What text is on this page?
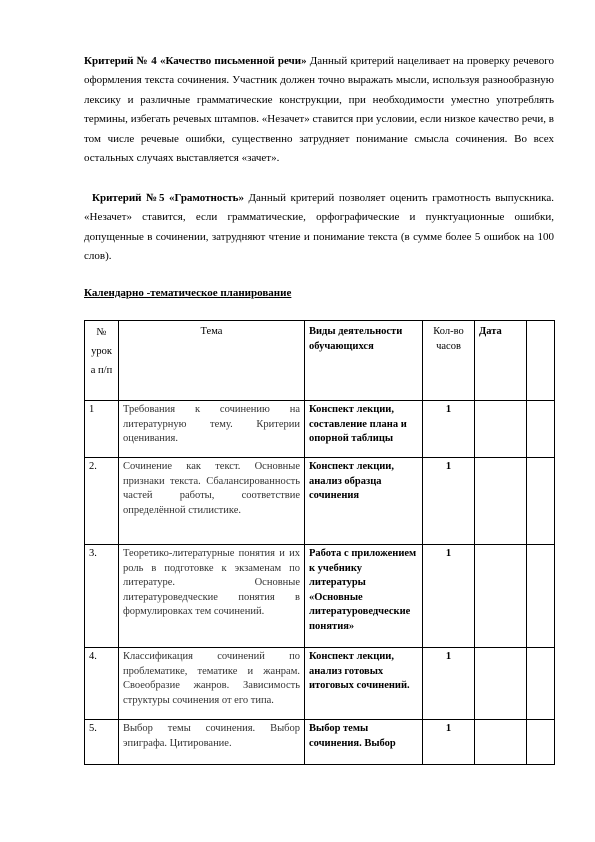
Критерий № 4 «Качество письменной речи» Данный критерий нацеливает на проверку речевого оформления текста сочинения. Участник должен точно выражать мысли, используя разнообразную лексику и различные грамматические конструкции, при необходимости уместно употреблять термины, избегать речевых штампов. «Незачет» ставится при условии, если низкое качество речи, в том числе речевые ошибки, существенно затрудняет понимание смысла сочинения. Во всех остальных случаях выставляется «зачет».

Критерий №5 «Грамотность» Данный критерий позволяет оценить грамотность выпускника. «Незачет» ставится, если грамматические, орфографические и пунктуационные ошибки, допущенные в сочинении, затрудняют чтение и понимание текста (в сумме более 5 ошибок на 100 слов).

Календарно -тематическое планирование

№ урок а п/п	Тема	Виды деятельности обучающихся	Кол-во часов	Дата	
1	Требования к сочинению на литературную тему. Критерии оценивания.	Конспект лекции, составление плана и опорной таблицы	1		
2.	Сочинение как текст. Основные признаки текста. Сбалансированность частей работы, соответствие определённой стилистике.	Конспект лекции, анализ образца сочинения	1		
3.	Теоретико-литературные понятия и их роль в подготовке к экзаменам по литературе. Основные литературоведческие понятия в формулировках тем сочинений.	Работа с приложением к учебнику литературы «Основные литературоведческие понятия»	1		
4.	Классификация сочинений по проблематике, тематике и жанрам. Своеобразие жанров. Зависимость структуры сочинения от его типа.	Конспект лекции, анализ готовых итоговых сочинений.	1		
5.	Выбор темы сочинения. Выбор эпиграфа. Цитирование.	Выбор темы сочинения. Выбор	1		
